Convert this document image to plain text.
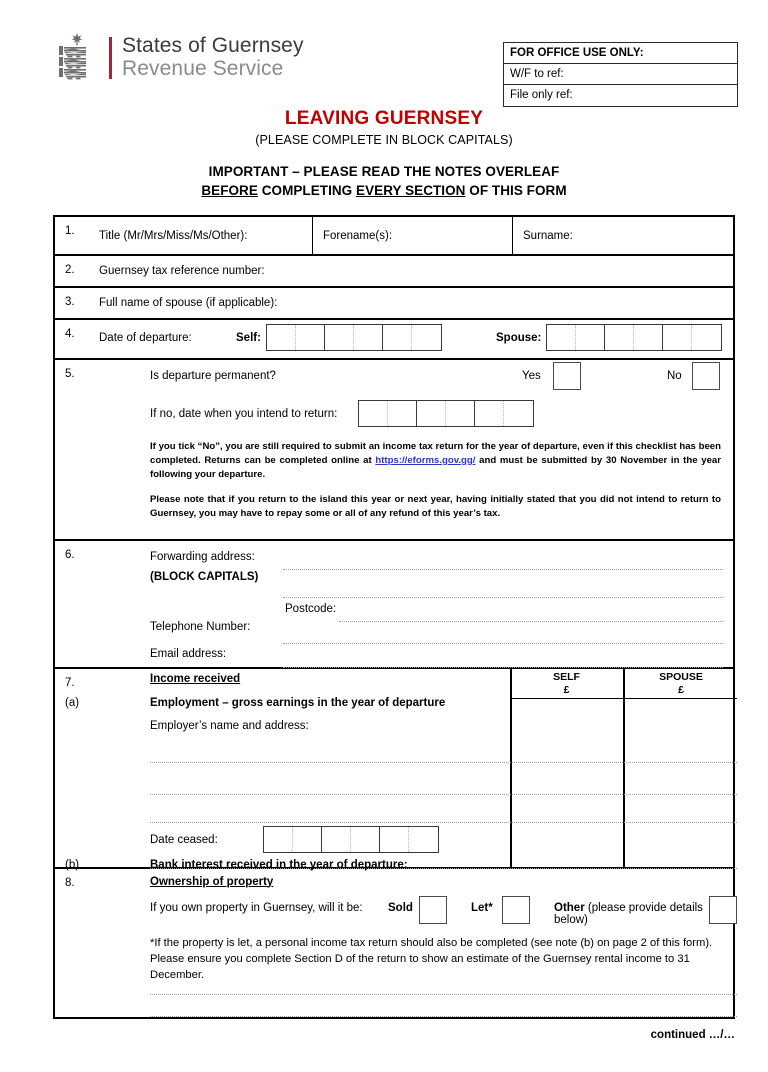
States of Guernsey
Revenue Service
FOR OFFICE USE ONLY:
W/F to ref:
File only ref:
LEAVING GUERNSEY
(PLEASE COMPLETE IN BLOCK CAPITALS)
IMPORTANT – PLEASE READ THE NOTES OVERLEAF
BEFORE COMPLETING EVERY SECTION OF THIS FORM
1.	Title (Mr/Mrs/Miss/Ms/Other):	Forename(s):	Surname:
2.	Guernsey tax reference number:
3.	Full name of spouse (if applicable):
4.	Date of departure:	Self:	Spouse:
5.	Is departure permanent?	Yes	No
If no, date when you intend to return:
If you tick “No”, you are still required to submit an income tax return for the year of departure, even if this checklist has been completed. Returns can be completed online at https://eforms.gov.gg/ and must be submitted by 30 November in the year following your departure.
Please note that if you return to the island this year or next year, having initially stated that you did not intend to return to Guernsey, you may have to repay some or all of any refund of this year’s tax.
6.	Forwarding address:
(BLOCK CAPITALS)
Postcode:
Telephone Number:
Email address:
7.	Income received	SELF
£
SPOUSE
£
(a)	Employment – gross earnings in the year of departure
Employer’s name and address:
Date ceased:
(b)	Bank interest received in the year of departure:
8.	Ownership of property
If you own property in Guernsey, will it be: Sold	Let*	Other (please provide details below)
*If the property is let, a personal income tax return should also be completed (see note (b) on page 2 of this form). Please ensure you complete Section D of the return to show an estimate of the Guernsey rental income to 31 December.
continued …/…
